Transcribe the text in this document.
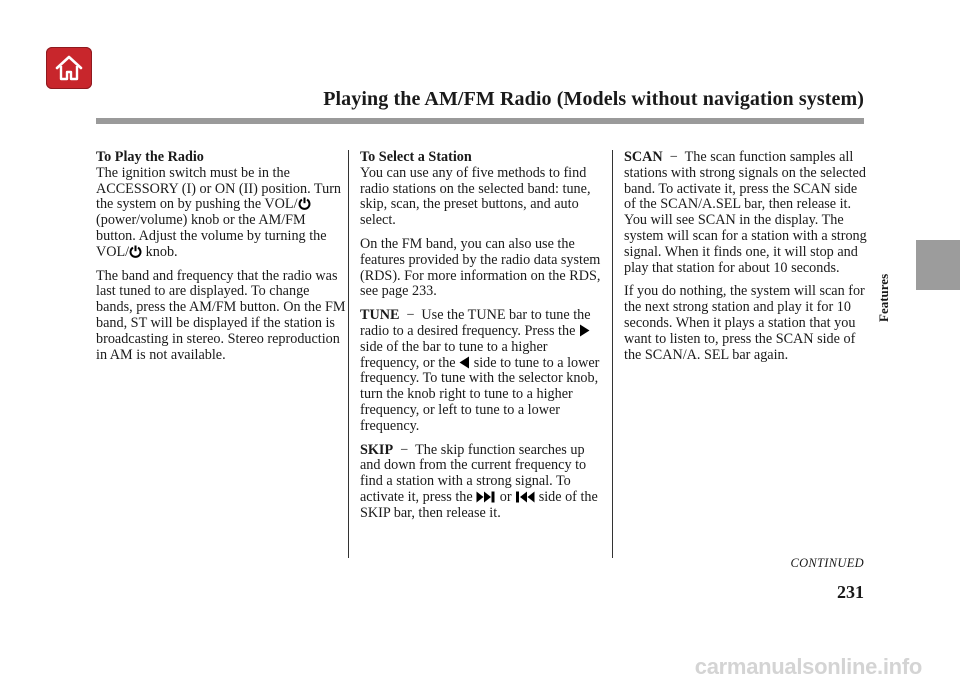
Playing the AM/FM Radio (Models without navigation system)
Features

To Play the Radio
The ignition switch must be in the ACCESSORY (I) or ON (II) position. Turn the system on by pushing the VOL/ (power/volume) knob or the AM/FM button. Adjust the volume by turning the VOL/ knob.

The band and frequency that the radio was last tuned to are displayed. To change bands, press the AM/FM button. On the FM band, ST will be displayed if the station is broadcasting in stereo. Stereo reproduction in AM is not available.

To Select a Station
You can use any of five methods to find radio stations on the selected band: tune, skip, scan, the preset buttons, and auto select.

On the FM band, you can also use the features provided by the radio data system (RDS). For more information on the RDS, see page 233.

TUNE − Use the TUNE bar to tune the radio to a desired frequency. Press the  side of the bar to tune to a higher frequency, or the  side to tune to a lower frequency. To tune with the selector knob, turn the knob right to tune to a higher frequency, or left to tune to a lower frequency.

SKIP − The skip function searches up and down from the current frequency to find a station with a strong signal. To activate it, press the  or  side of the SKIP bar, then release it.

SCAN − The scan function samples all stations with strong signals on the selected band. To activate it, press the SCAN side of the SCAN/A.SEL bar, then release it. You will see SCAN in the display. The system will scan for a station with a strong signal. When it finds one, it will stop and play that station for about 10 seconds.

If you do nothing, the system will scan for the next strong station and play it for 10 seconds. When it plays a station that you want to listen to, press the SCAN side of the SCAN/A. SEL bar again.

CONTINUED
231
carmanualsonline.info
